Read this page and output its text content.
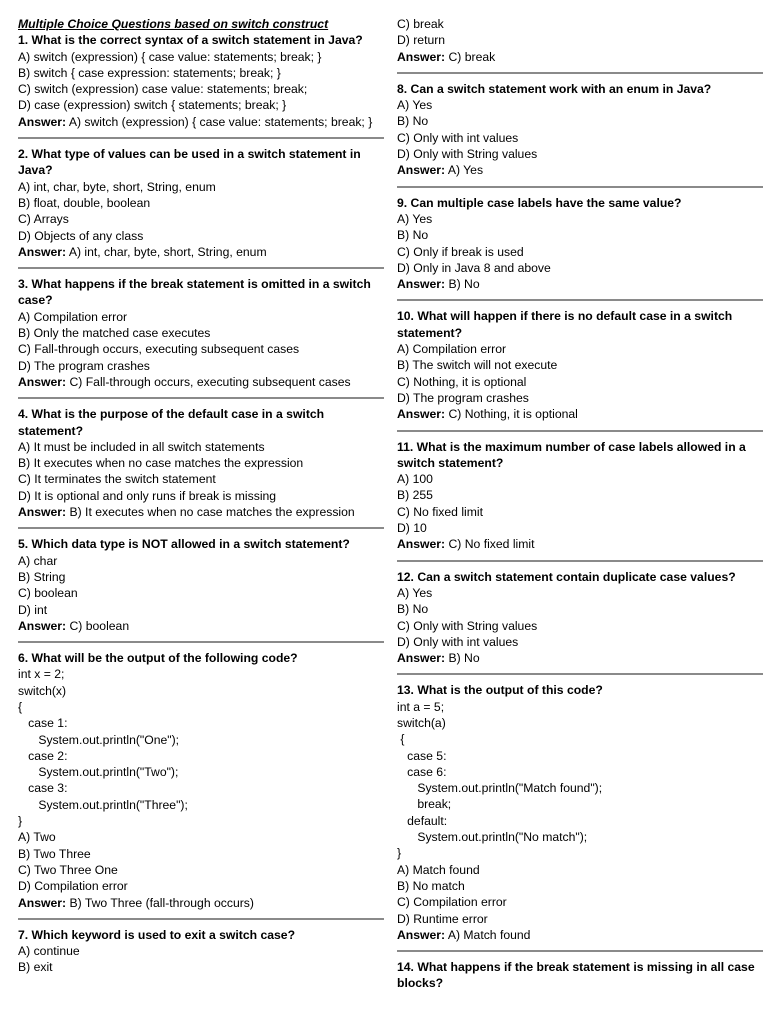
Multiple Choice Questions based on switch construct
1. What is the correct syntax of a switch statement in Java?
A) switch (expression) { case value: statements; break; }
B) switch { case expression: statements; break; }
C) switch (expression) case value: statements; break;
D) case (expression) switch { statements; break; }
Answer: A) switch (expression) { case value: statements; break; }
2. What type of values can be used in a switch statement in Java?
A) int, char, byte, short, String, enum
B) float, double, boolean
C) Arrays
D) Objects of any class
Answer: A) int, char, byte, short, String, enum
3. What happens if the break statement is omitted in a switch case?
A) Compilation error
B) Only the matched case executes
C) Fall-through occurs, executing subsequent cases
D) The program crashes
Answer: C) Fall-through occurs, executing subsequent cases
4. What is the purpose of the default case in a switch statement?
A) It must be included in all switch statements
B) It executes when no case matches the expression
C) It terminates the switch statement
D) It is optional and only runs if break is missing
Answer: B) It executes when no case matches the expression
5. Which data type is NOT allowed in a switch statement?
A) char
B) String
C) boolean
D) int
Answer: C) boolean
6. What will be the output of the following code?
int x = 2;
switch(x)
{
case 1:
System.out.println("One");
case 2:
System.out.println("Two");
case 3:
System.out.println("Three");
}
A) Two
B) Two Three
C) Two Three One
D) Compilation error
Answer: B) Two Three (fall-through occurs)
7. Which keyword is used to exit a switch case?
A) continue
B) exit
C) break
D) return
Answer: C) break
8. Can a switch statement work with an enum in Java?
A) Yes
B) No
C) Only with int values
D) Only with String values
Answer: A) Yes
9. Can multiple case labels have the same value?
A) Yes
B) No
C) Only if break is used
D) Only in Java 8 and above
Answer: B) No
10. What will happen if there is no default case in a switch statement?
A) Compilation error
B) The switch will not execute
C) Nothing, it is optional
D) The program crashes
Answer: C) Nothing, it is optional
11. What is the maximum number of case labels allowed in a switch statement?
A) 100
B) 255
C) No fixed limit
D) 10
Answer: C) No fixed limit
12. Can a switch statement contain duplicate case values?
A) Yes
B) No
C) Only with String values
D) Only with int values
Answer: B) No
13. What is the output of this code?
int a = 5;
switch(a)
{
case 5:
case 6:
System.out.println("Match found");
break;
default:
System.out.println("No match");
}
A) Match found
B) No match
C) Compilation error
D) Runtime error
Answer: A) Match found
14. What happens if the break statement is missing in all case blocks?
